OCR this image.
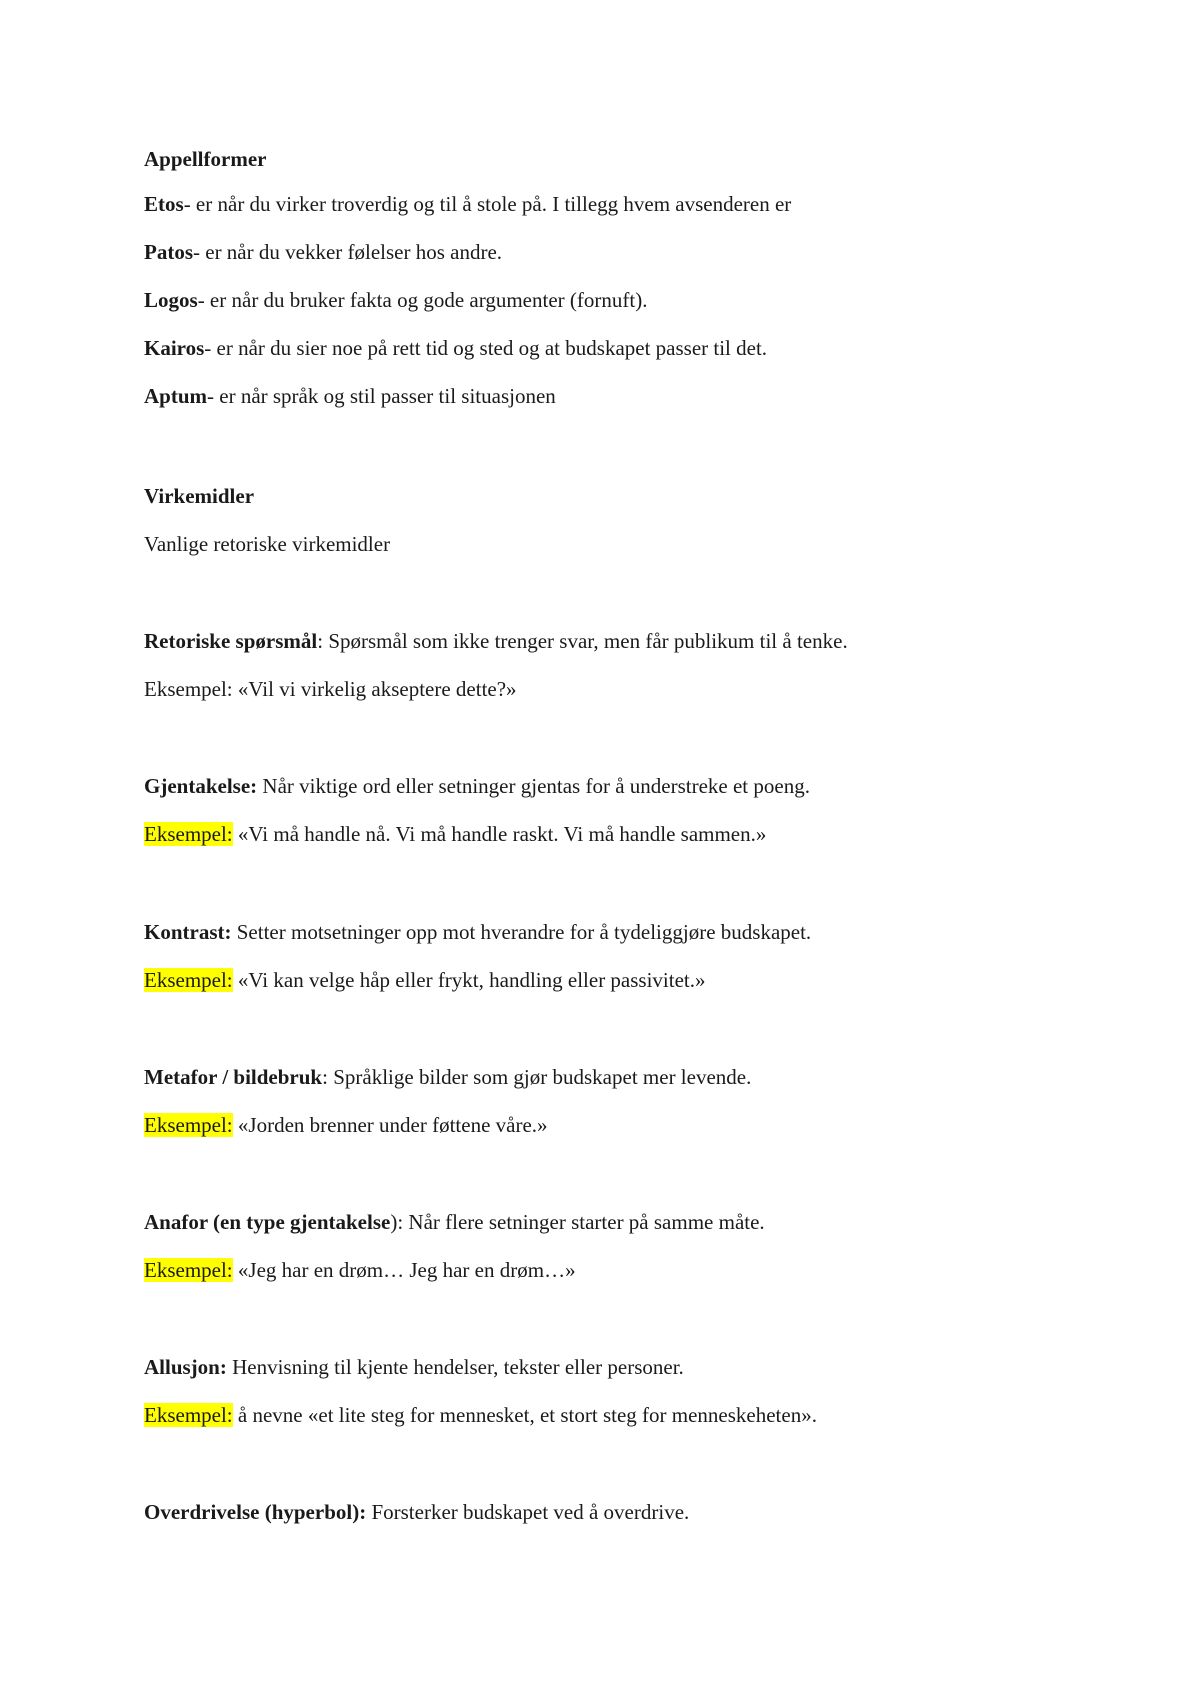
Appellformer
Etos- er når du virker troverdig og til å stole på. I tillegg hvem avsenderen er
Patos- er når du vekker følelser hos andre.
Logos- er når du bruker fakta og gode argumenter (fornuft).
Kairos- er når du sier noe på rett tid og sted og at budskapet passer til det.
Aptum- er når språk og stil passer til situasjonen
Virkemidler
Vanlige retoriske virkemidler
Retoriske spørsmål: Spørsmål som ikke trenger svar, men får publikum til å tenke.
Eksempel: «Vil vi virkelig akseptere dette?»
Gjentakelse: Når viktige ord eller setninger gjentas for å understreke et poeng.
Eksempel: «Vi må handle nå. Vi må handle raskt. Vi må handle sammen.»
Kontrast: Setter motsetninger opp mot hverandre for å tydeliggjøre budskapet.
Eksempel: «Vi kan velge håp eller frykt, handling eller passivitet.»
Metafor / bildebruk: Språklige bilder som gjør budskapet mer levende.
Eksempel: «Jorden brenner under føttene våre.»
Anafor (en type gjentakelse): Når flere setninger starter på samme måte.
Eksempel: «Jeg har en drøm… Jeg har en drøm…»
Allusjon: Henvisning til kjente hendelser, tekster eller personer.
Eksempel: å nevne «et lite steg for mennesket, et stort steg for menneskeheten».
Overdrivelse (hyperbol): Forsterker budskapet ved å overdrive.
